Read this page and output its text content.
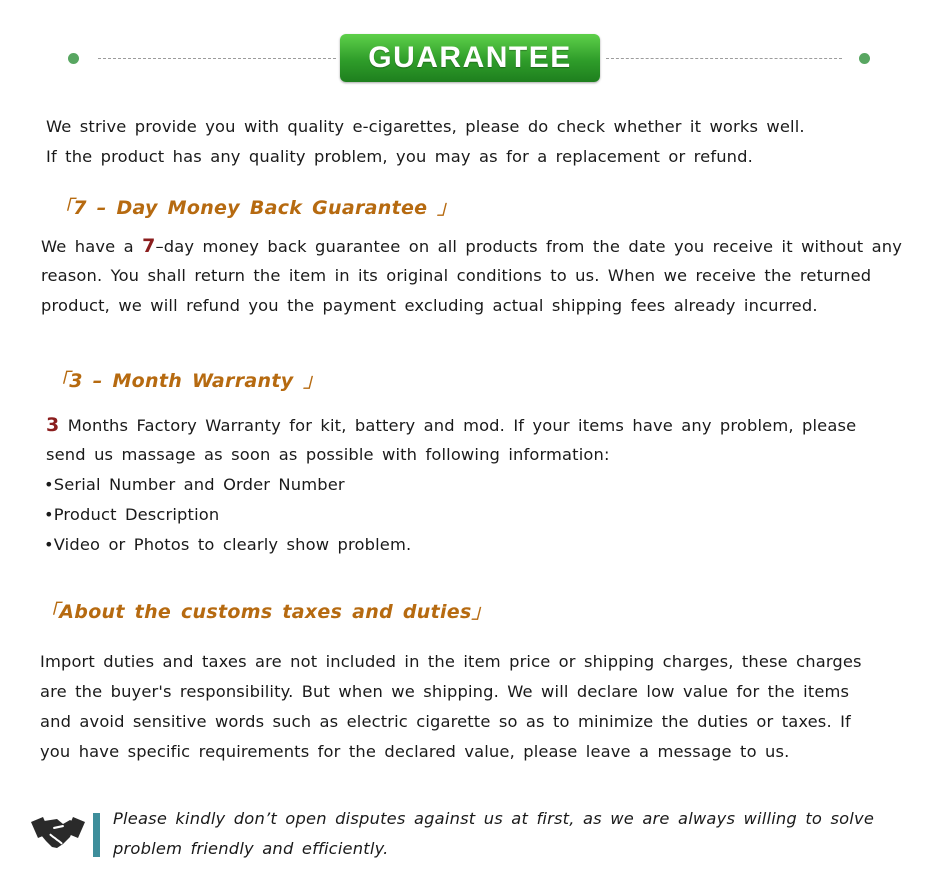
GUARANTEE
We strive provide you with quality e-cigarettes, please do check whether it works well.
If the product has any quality problem, you may as for a replacement or refund.
「7 – Day Money Back Guarantee 」
We have a 7–day money back guarantee on all products from the date you receive it without any
reason. You shall return the item in its original conditions to us. When we receive the returned
product, we will refund you the payment excluding actual shipping fees already incurred.
「3 – Month Warranty 」
3 Months Factory Warranty for kit, battery and mod. If your items have any problem, please
send us massage as soon as possible with following information:
•Serial Number and Order Number
•Product Description
•Video or Photos to clearly show problem.
「About the customs taxes and duties」
Import duties and taxes are not included in the item price or shipping charges, these charges
are the buyer's responsibility. But when we shipping. We will declare low value for the items
and avoid sensitive words such as electric cigarette so as to minimize the duties or taxes. If
you have specific requirements for the declared value, please leave a message to us.
Please kindly don’t open disputes against us at first, as we are always willing to solve
problem friendly and efficiently.
